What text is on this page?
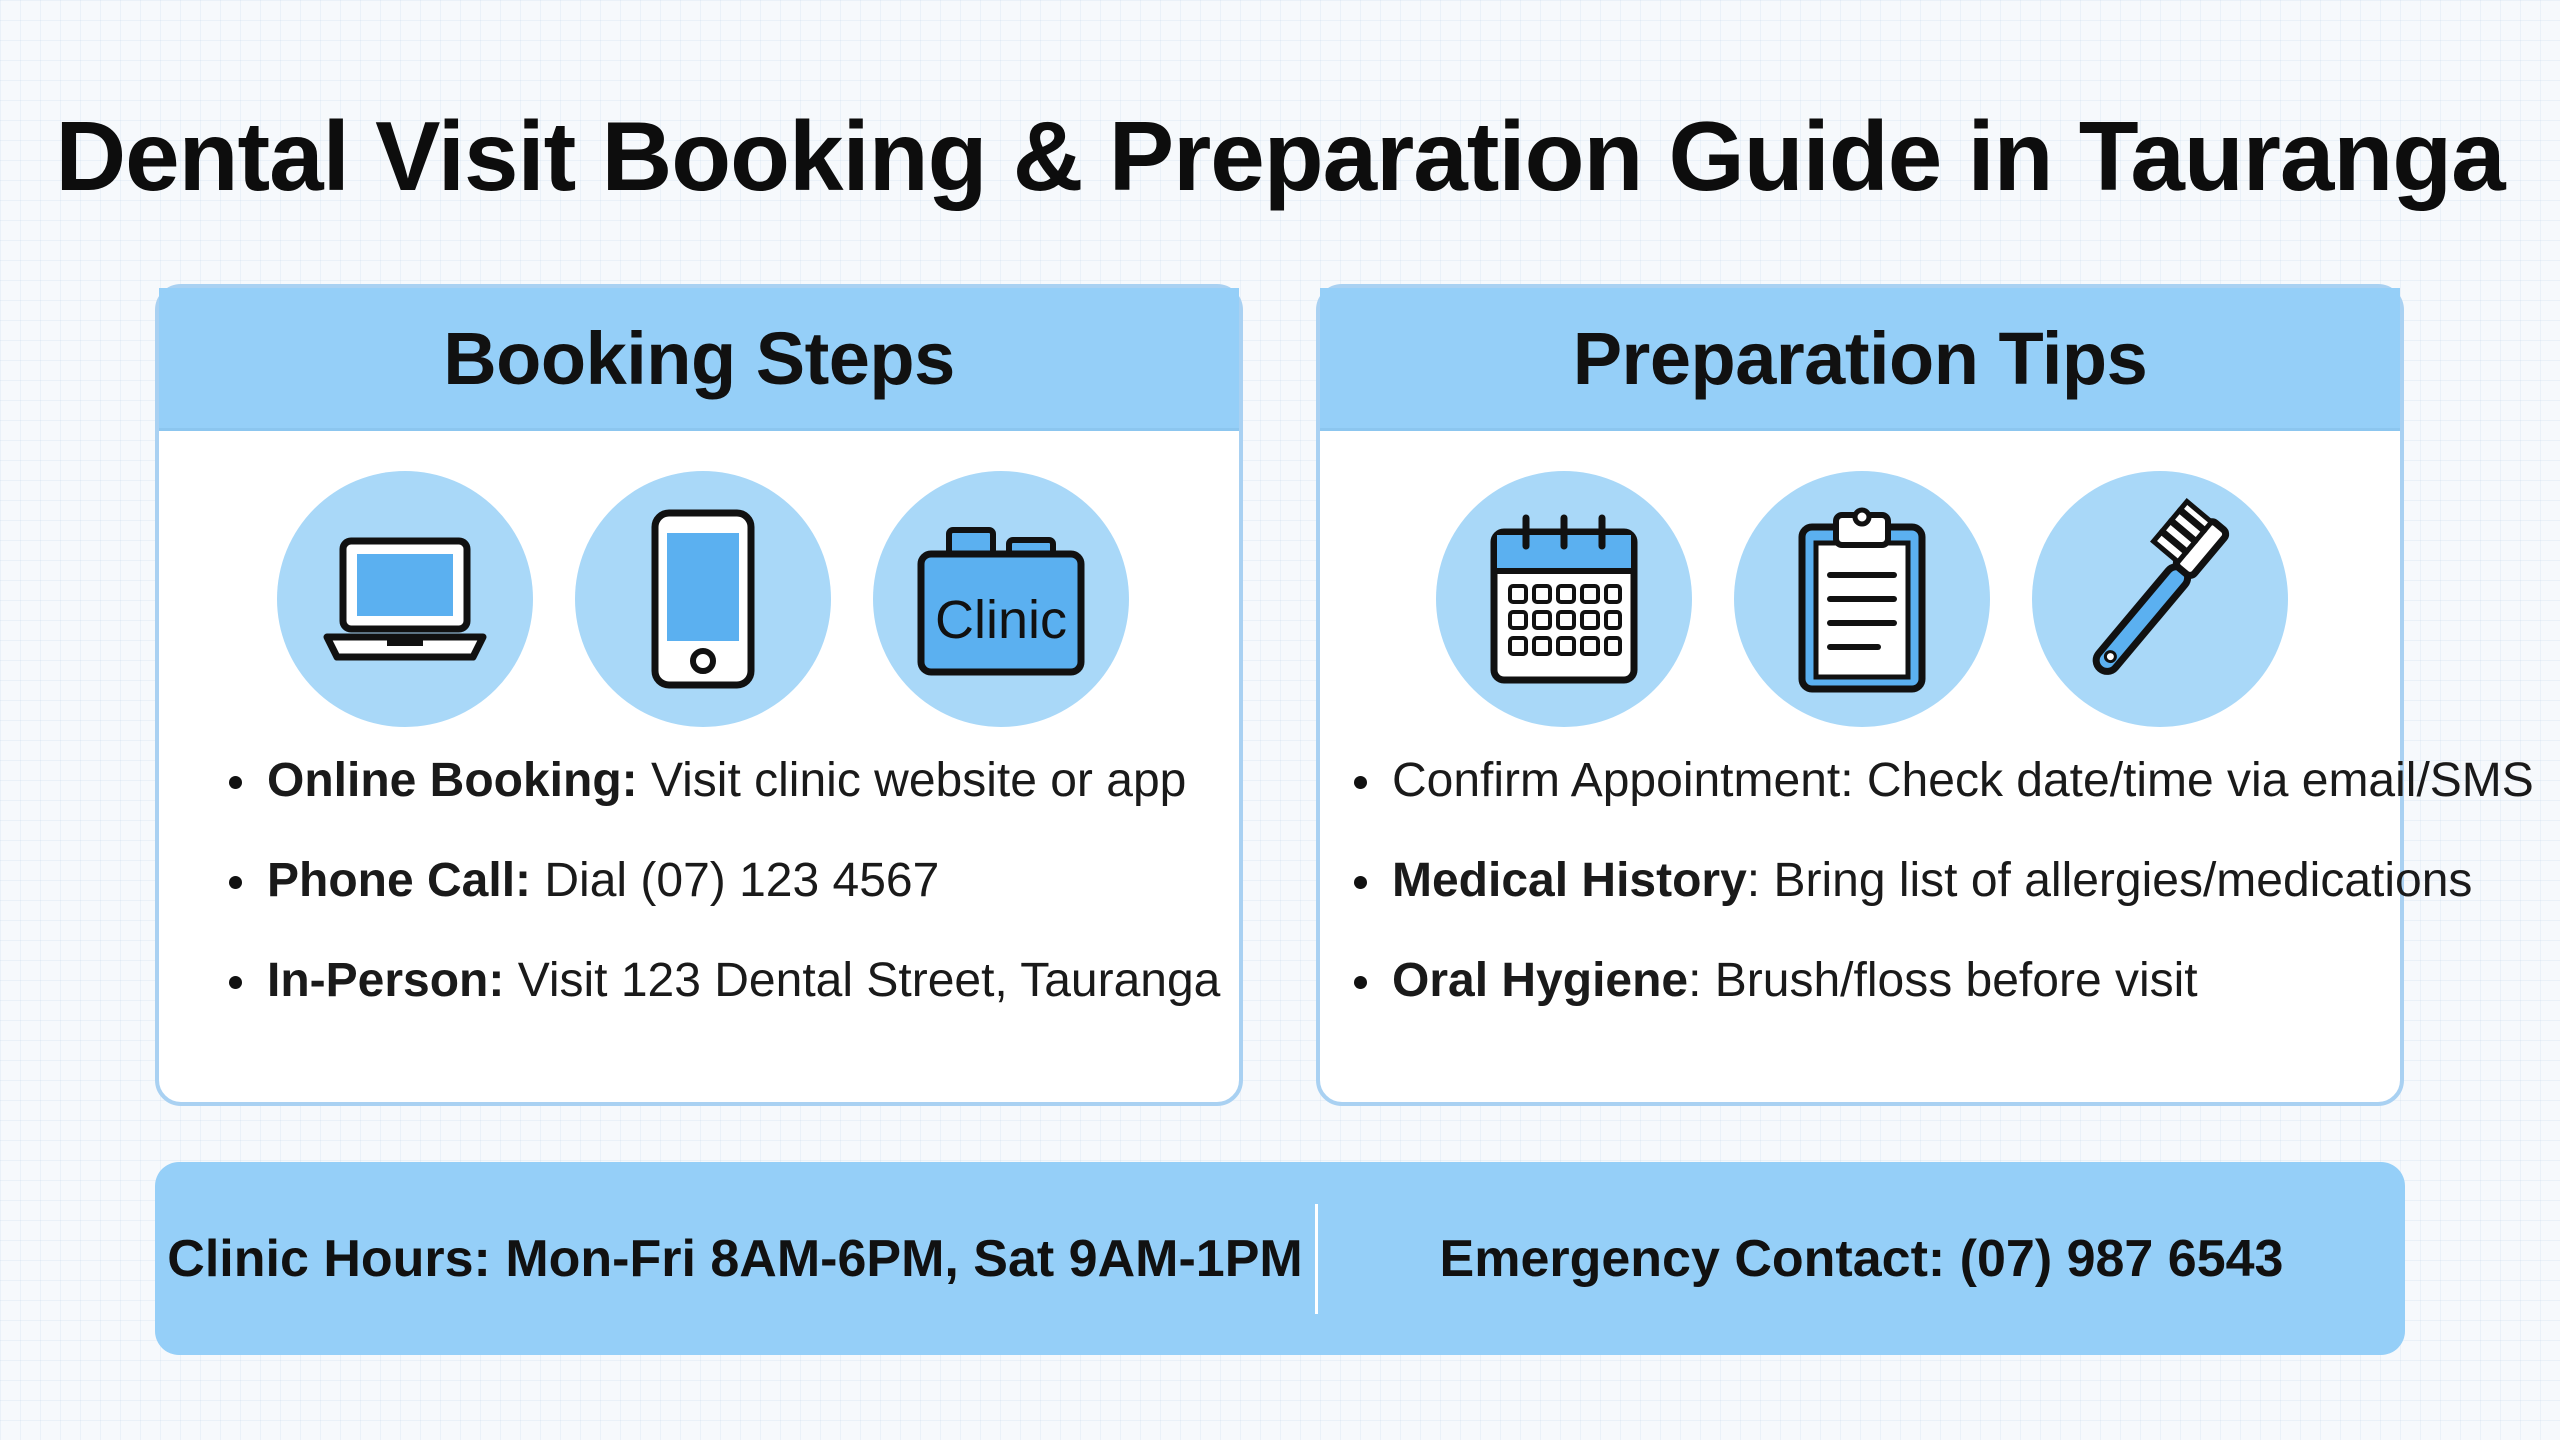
Dental Visit Booking & Preparation Guide in Tauranga
Booking Steps
Clinic
Online Booking: Visit clinic website or app
Phone Call: Dial (07) 123 4567
In-Person: Visit 123 Dental Street, Tauranga
Preparation Tips
Confirm Appointment: Check date/time via email/SMS
Medical History: Bring list of allergies/medications
Oral Hygiene: Brush/floss before visit
Clinic Hours: Mon-Fri 8AM-6PM, Sat 9AM-1PM	Emergency Contact: (07) 987 6543
